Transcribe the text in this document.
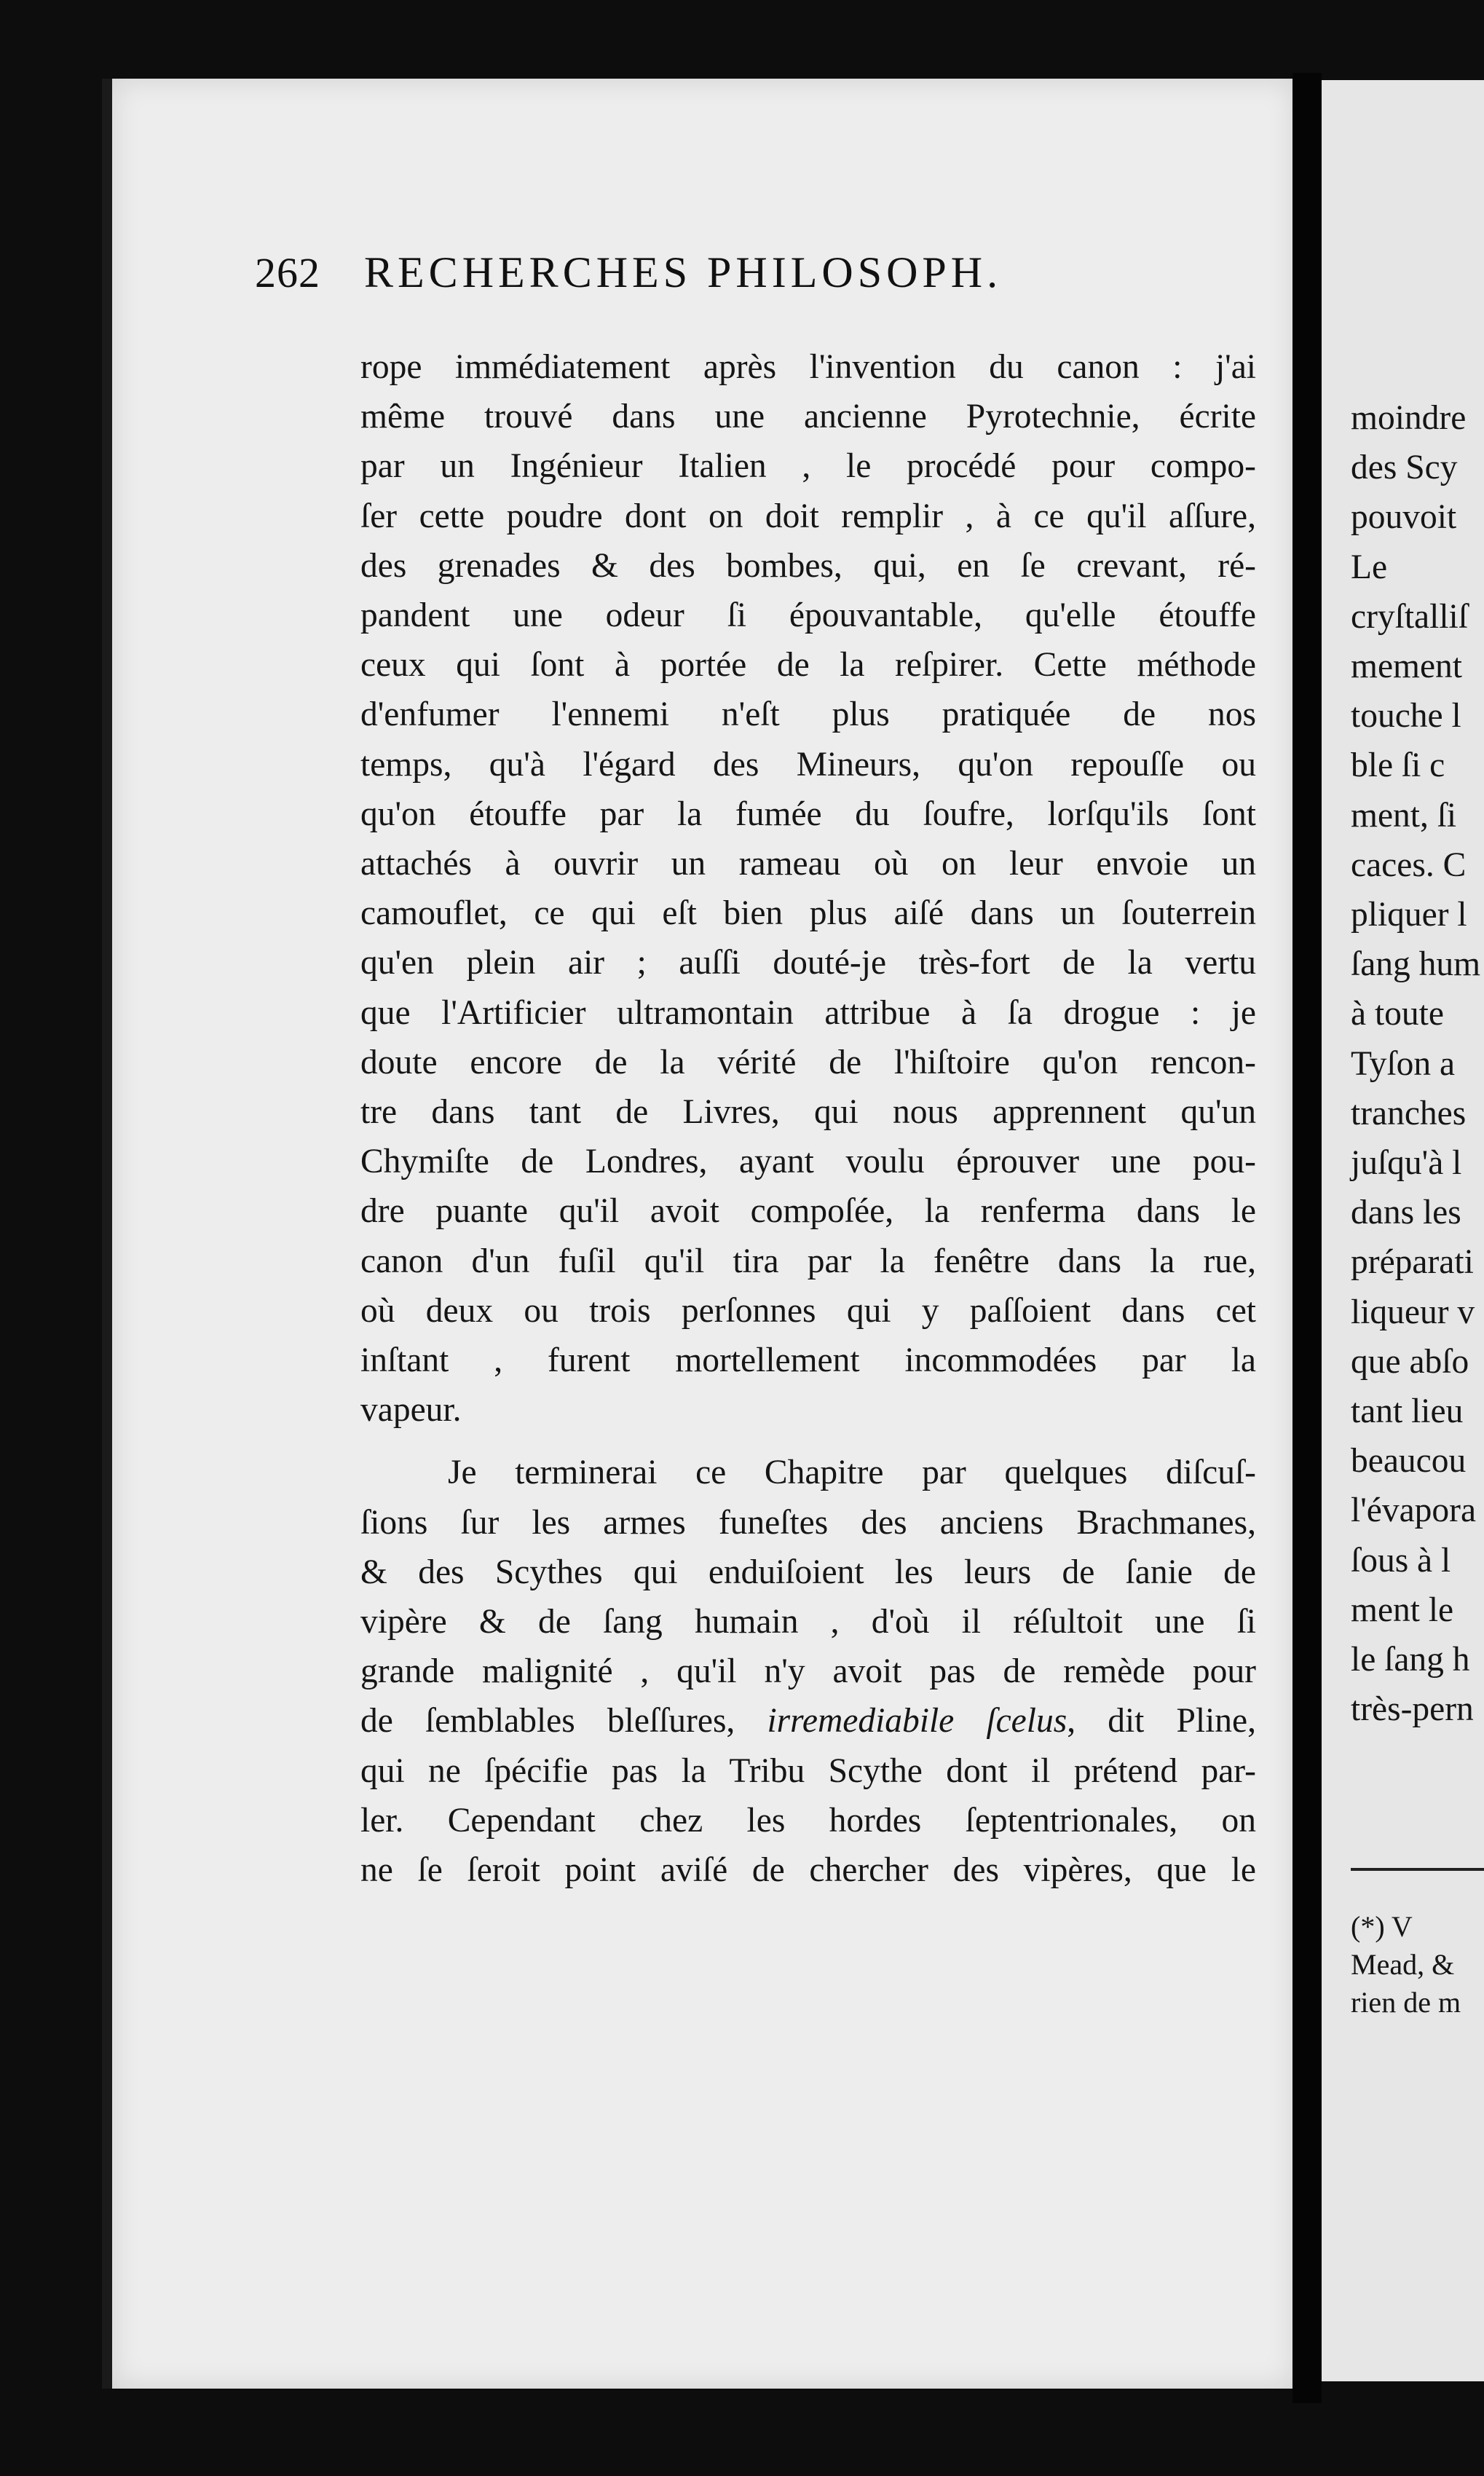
moindre
des Scy
pouvoit
Le
cryſtalliſ
mement
touche l
ble ſi c
ment, ſi
caces. C
pliquer l
ſang hum
à toute
Tyſon a
tranches
juſqu'à l
dans les
préparati
liqueur v
que abſo
tant lieu
beaucou
l'évapora
ſous à l
ment le
le ſang h
très-pern
(*) V
Mead, &
rien de m
262 RECHERCHES PHILOSOPH.
rope immédiatement après l'invention du canon : j'ai
même trouvé dans une ancienne Pyrotechnie, écrite
par un Ingénieur Italien , le procédé pour compo-
ſer cette poudre dont on doit remplir , à ce qu'il aſſure,
des grenades & des bombes, qui, en ſe crevant, ré-
pandent une odeur ſi épouvantable, qu'elle étouffe
ceux qui ſont à portée de la reſpirer. Cette méthode
d'enfumer l'ennemi n'eſt plus pratiquée de nos
temps, qu'à l'égard des Mineurs, qu'on repouſſe ou
qu'on étouffe par la fumée du ſoufre, lorſqu'ils ſont
attachés à ouvrir un rameau où on leur envoie un
camouflet, ce qui eſt bien plus aiſé dans un ſouterrein
qu'en plein air ; auſſi douté-je très-fort de la vertu
que l'Artificier ultramontain attribue à ſa drogue : je
doute encore de la vérité de l'hiſtoire qu'on rencon-
tre dans tant de Livres, qui nous apprennent qu'un
Chymiſte de Londres, ayant voulu éprouver une pou-
dre puante qu'il avoit compoſée, la renferma dans le
canon d'un fuſil qu'il tira par la fenêtre dans la rue,
où deux ou trois perſonnes qui y paſſoient dans cet
inſtant , furent mortellement incommodées par la
vapeur.
Je terminerai ce Chapitre par quelques diſcuſ-
ſions ſur les armes funeſtes des anciens Brachmanes,
& des Scythes qui enduiſoient les leurs de ſanie de
vipère & de ſang humain , d'où il réſultoit une ſi
grande malignité , qu'il n'y avoit pas de remède pour
de ſemblables bleſſures, irremediabile ſcelus, dit Pline,
qui ne ſpécifie pas la Tribu Scythe dont il prétend par-
ler. Cependant chez les hordes ſeptentrionales, on
ne ſe ſeroit point aviſé de chercher des vipères, que le
